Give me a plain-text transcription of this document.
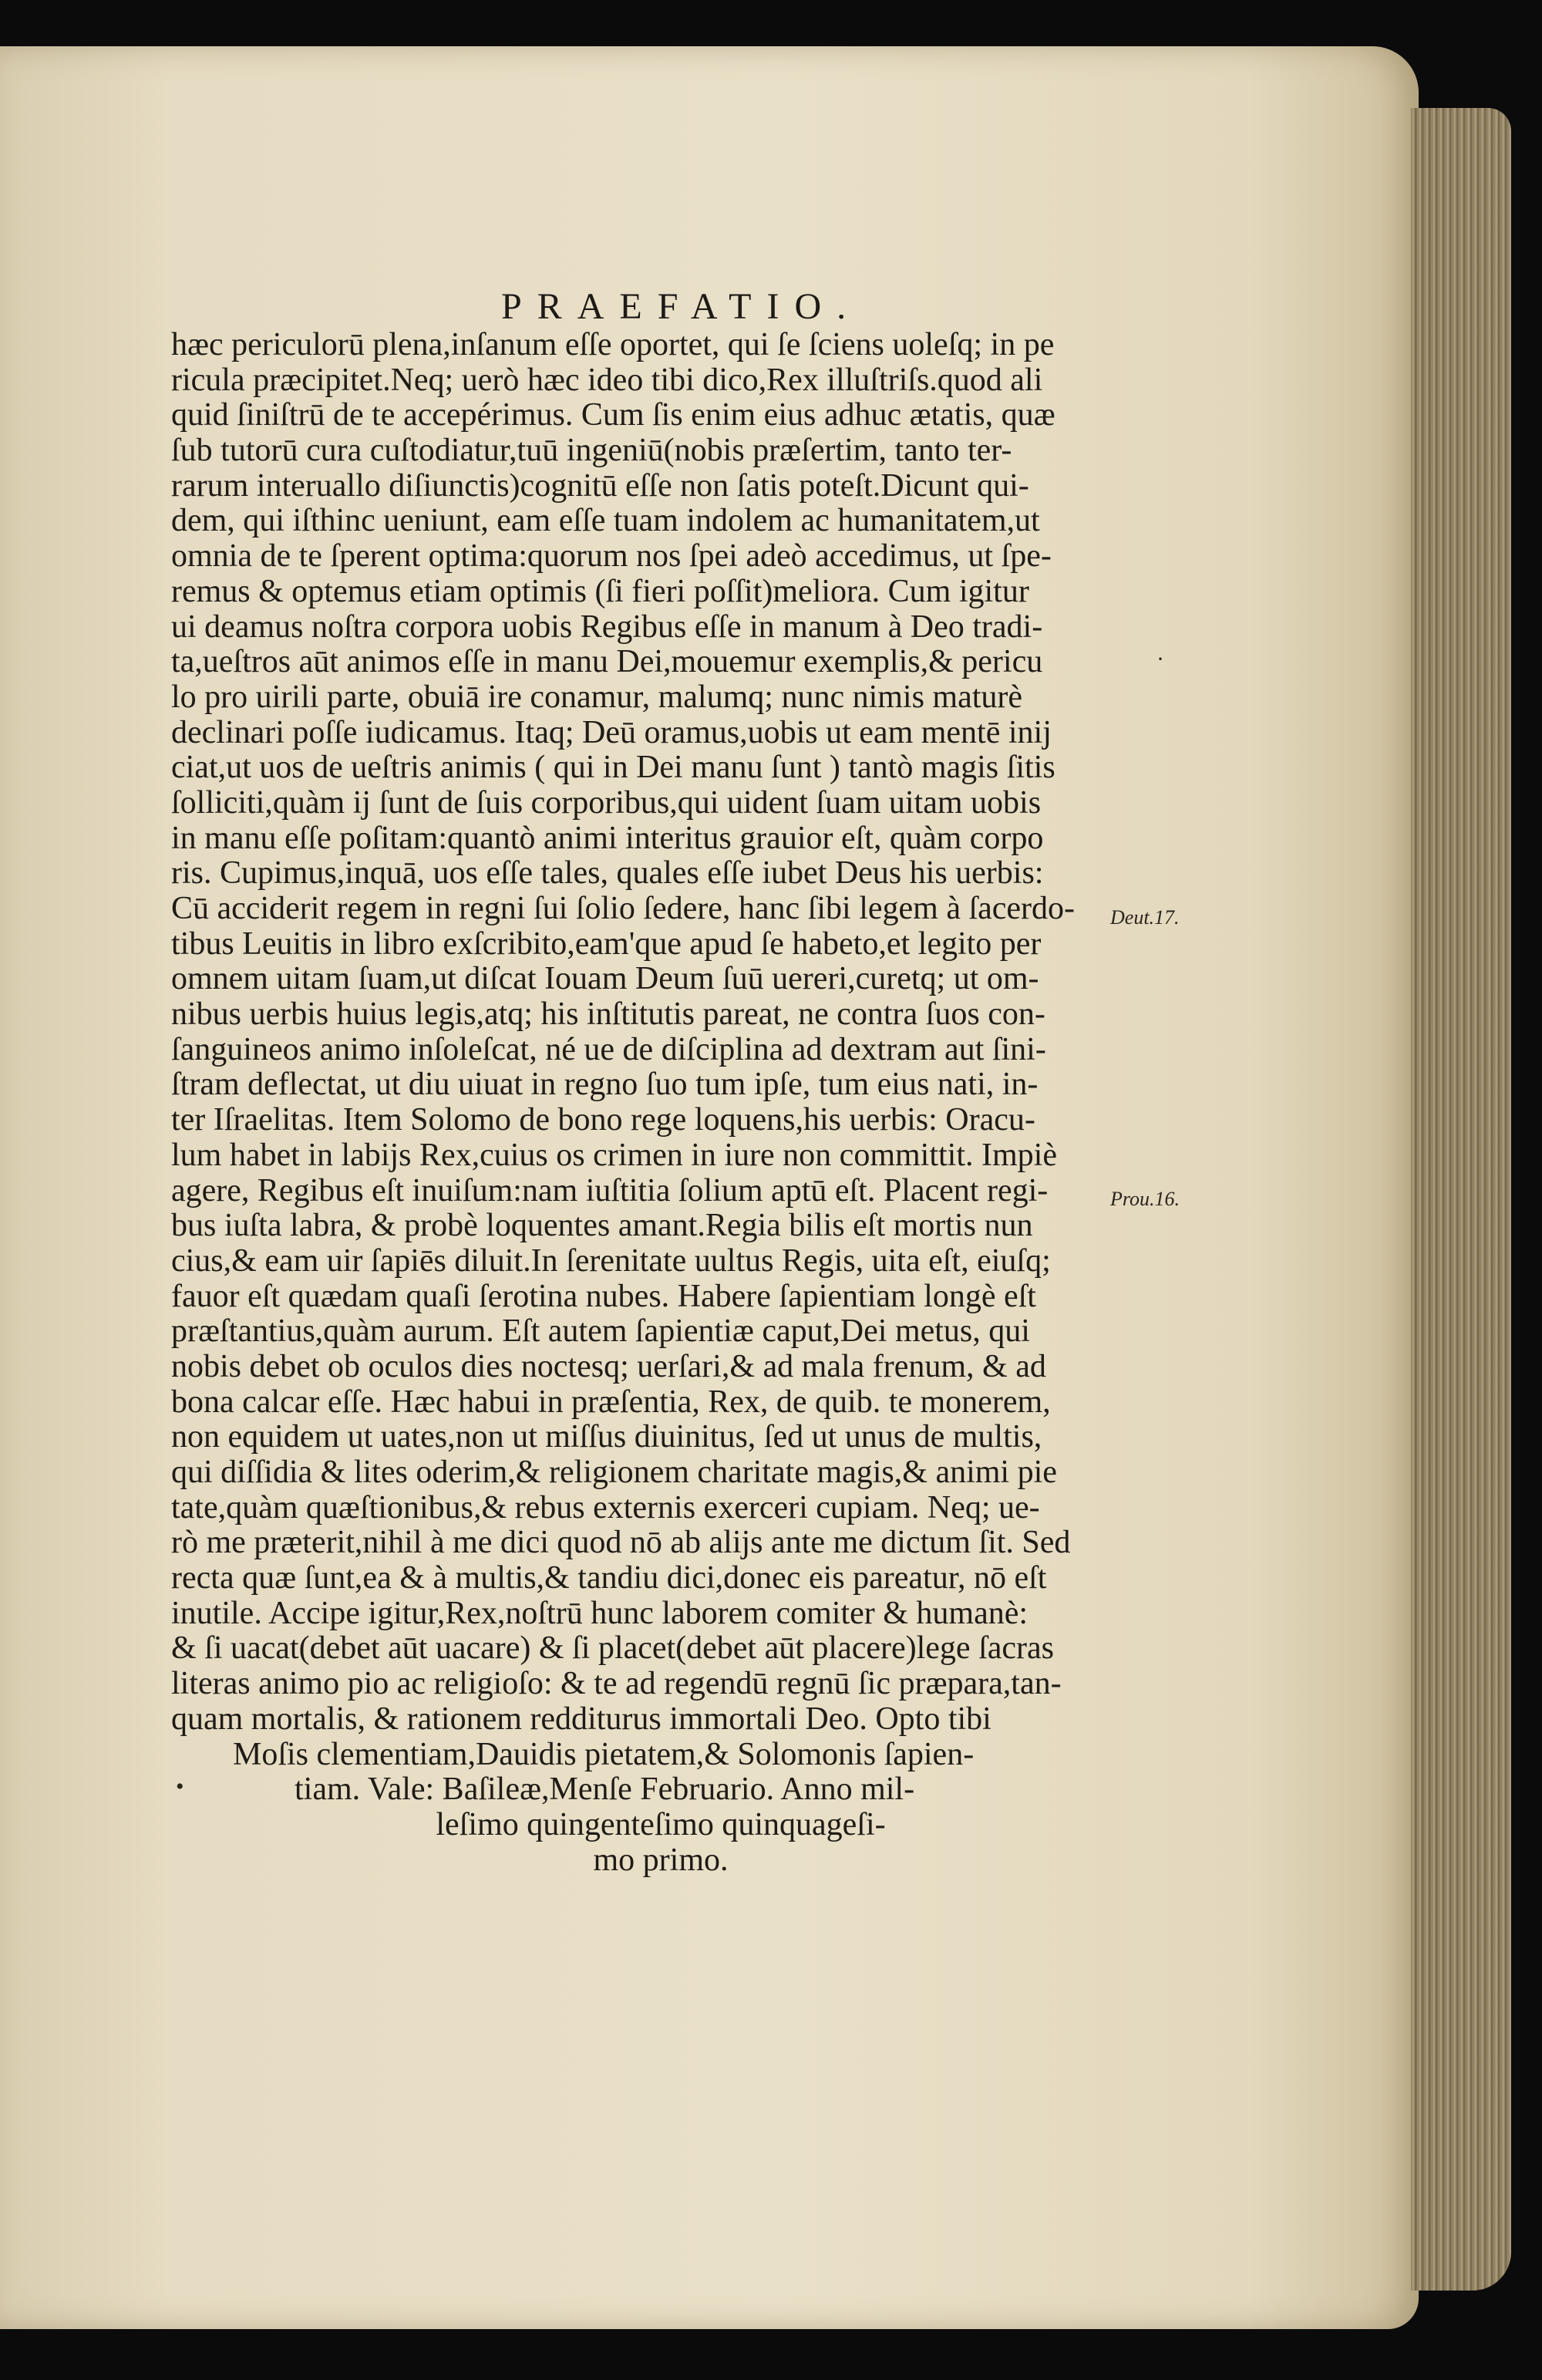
PRAEFATIO.
hæc periculorū plena,inſanum eſſe oportet, qui ſe ſciens uoleſq; in pe
ricula præcipitet.Neq; uerò hæc ideo tibi dico,Rex illuſtriſs.quod ali
quid ſiniſtrū de te accepérimus. Cum ſis enim eius adhuc ætatis, quæ
ſub tutorū cura cuſtodiatur,tuū ingeniū(nobis præſertim, tanto ter-
rarum interuallo diſiunctis)cognitū eſſe non ſatis poteſt.Dicunt qui-
dem, qui iſthinc ueniunt, eam eſſe tuam indolem ac humanitatem,ut
omnia de te ſperent optima:quorum nos ſpei adeò accedimus, ut ſpe-
remus & optemus etiam optimis (ſi fieri poſſit)meliora. Cum igitur
ui deamus noſtra corpora uobis Regibus eſſe in manum à Deo tradi-
ta,ueſtros aūt animos eſſe in manu Dei,mouemur exemplis,& pericu
lo pro uirili parte, obuiā ire conamur, malumq; nunc nimis maturè
declinari poſſe iudicamus. Itaq; Deū oramus,uobis ut eam mentē inij
ciat,ut uos de ueſtris animis ( qui in Dei manu ſunt ) tantò magis ſitis
ſolliciti,quàm ij ſunt de ſuis corporibus,qui uident ſuam uitam uobis
in manu eſſe poſitam:quantò animi interitus grauior eſt, quàm corpo
ris. Cupimus,inquā, uos eſſe tales, quales eſſe iubet Deus his uerbis:
Cū acciderit regem in regni ſui ſolio ſedere, hanc ſibi legem à ſacerdo-
tibus Leuitis in libro exſcribito,eam'que apud ſe habeto,et legito per
omnem uitam ſuam,ut diſcat Iouam Deum ſuū uereri,curetq; ut om-
nibus uerbis huius legis,atq; his inſtitutis pareat, ne contra ſuos con-
ſanguineos animo inſoleſcat, né ue de diſciplina ad dextram aut ſini-
ſtram deflectat, ut diu uiuat in regno ſuo tum ipſe, tum eius nati, in-
ter Iſraelitas. Item Solomo de bono rege loquens,his uerbis: Oracu-
lum habet in labijs Rex,cuius os crimen in iure non committit. Impiè
agere, Regibus eſt inuiſum:nam iuſtitia ſolium aptū eſt. Placent regi-
bus iuſta labra, & probè loquentes amant.Regia bilis eſt mortis nun
cius,& eam uir ſapiēs diluit.In ſerenitate uultus Regis, uita eſt, eiuſq;
fauor eſt quædam quaſi ſerotina nubes. Habere ſapientiam longè eſt
præſtantius,quàm aurum. Eſt autem ſapientiæ caput,Dei metus, qui
nobis debet ob oculos dies noctesq; uerſari,& ad mala frenum, & ad
bona calcar eſſe. Hæc habui in præſentia, Rex, de quib. te monerem,
non equidem ut uates,non ut miſſus diuinitus, ſed ut unus de multis,
qui diſſidia & lites oderim,& religionem charitate magis,& animi pie
tate,quàm quæſtionibus,& rebus externis exerceri cupiam. Neq; ue-
rò me præterit,nihil à me dici quod nō ab alijs ante me dictum ſit. Sed
recta quæ ſunt,ea & à multis,& tandiu dici,donec eis pareatur, nō eſt
inutile. Accipe igitur,Rex,noſtrū hunc laborem comiter & humanè:
& ſi uacat(debet aūt uacare) & ſi placet(debet aūt placere)lege ſacras
literas animo pio ac religioſo: & te ad regendū regnū ſic præpara,tan-
quam mortalis, & rationem redditurus immortali Deo. Opto tibi
Moſis clementiam,Dauidis pietatem,& Solomonis ſapien-
tiam. Vale: Baſileæ,Menſe Februario. Anno mil-
leſimo quingenteſimo quinquageſi-
mo primo.
Deut.17.
Prou.16.
·
•
